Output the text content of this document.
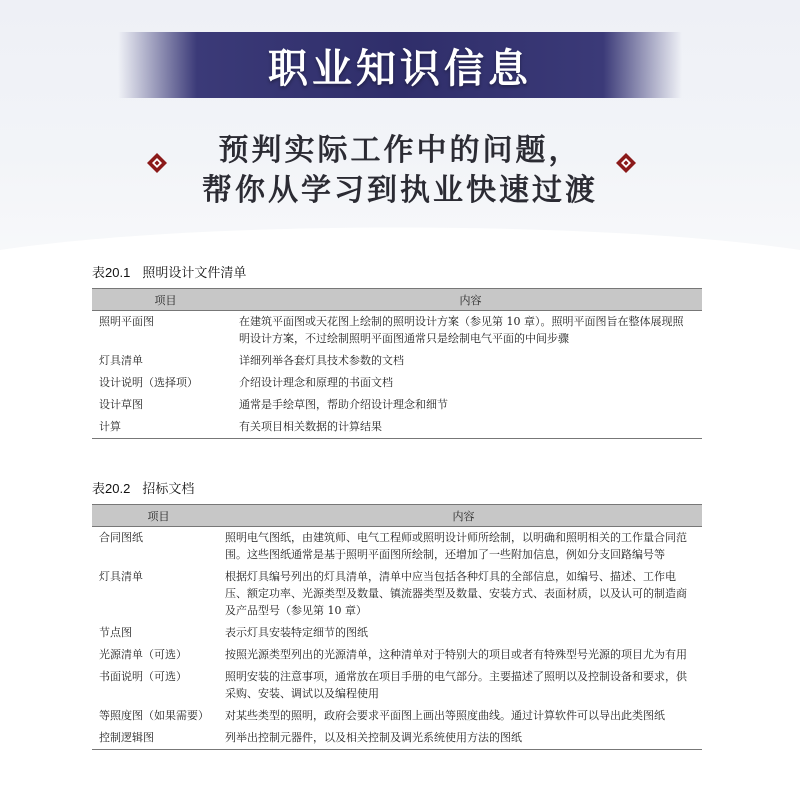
职业知识信息
预判实际工作中的问题，
帮你从学习到执业快速过渡
表20.1 照明设计文件清单
项目	内容
照明平面图	在建筑平面图或天花图上绘制的照明设计方案（参见第 10 章）。照明平面图旨在整体展现照明设计方案，不过绘制照明平面图通常只是绘制电气平面的中间步骤
灯具清单	详细列举各套灯具技术参数的文档
设计说明（选择项）	介绍设计理念和原理的书面文档
设计草图	通常是手绘草图，帮助介绍设计理念和细节
计算	有关项目相关数据的计算结果
表20.2 招标文档
项目	内容
合同图纸	照明电气图纸，由建筑师、电气工程师或照明设计师所绘制，以明确和照明相关的工作量合同范围。这些图纸通常是基于照明平面图所绘制，还增加了一些附加信息，例如分支回路编号等
灯具清单	根据灯具编号列出的灯具清单，清单中应当包括各种灯具的全部信息，如编号、描述、工作电压、额定功率、光源类型及数量、镇流器类型及数量、安装方式、表面材质，以及认可的制造商及产品型号（参见第 10 章）
节点图	表示灯具安装特定细节的图纸
光源清单（可选）	按照光源类型列出的光源清单，这种清单对于特别大的项目或者有特殊型号光源的项目尤为有用
书面说明（可选）	照明安装的注意事项，通常放在项目手册的电气部分。主要描述了照明以及控制设备和要求，供采购、安装、调试以及编程使用
等照度图（如果需要）	对某些类型的照明，政府会要求平面图上画出等照度曲线。通过计算软件可以导出此类图纸
控制逻辑图	列举出控制元器件，以及相关控制及调光系统使用方法的图纸
